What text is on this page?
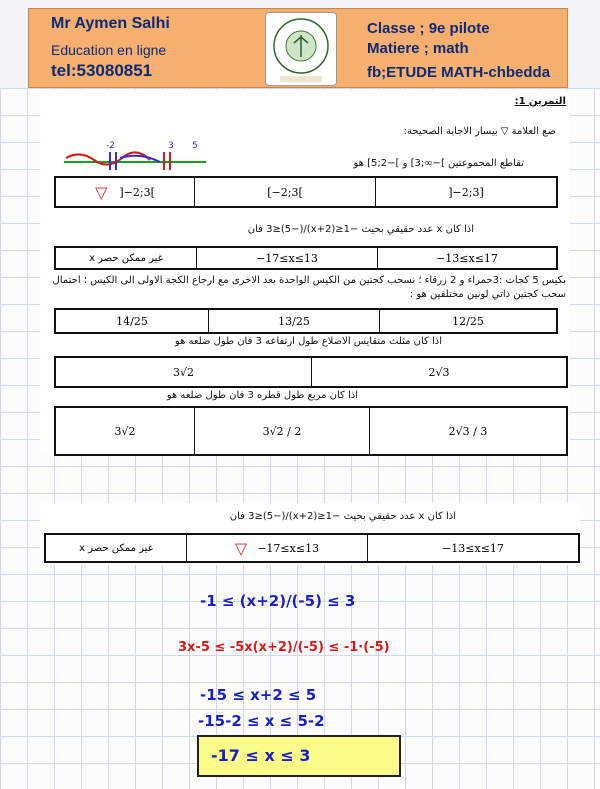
Mr Aymen Salhi
Education en ligne
tel:53080851
Classe ; 9e pilote
Matiere ; math
fb;ETUDE MATH-chbedda
التمرين 1:
ضع العلامة ▽ بيسار الاجابة الصحيحة:
-2	3 5
تقاطع المجموعتين ]−∞;3] و ]−2;5] هو
▽ ]−2;3[	[−2;3[	]−2;3]
اذا كان x عدد حقيقي بحيث −1≤(x+2)/(−5)≤3 فان
غير ممكن حصر x	−17≤x≤13	−13≤x≤17
بكيس 5 كجات :3حمراء و 2 زرقاء ؛ نسحب كجتين من الكيس الواحدة بعد الاخرى مع ارجاع الكجة الاولى الى الكيس ؛ احتمال سحب كجتين ذاتي لونين مختلفين هو :
14/25	13/25	12/25
اذا كان مثلث متقايس الاضلاع طول ارتفاعه 3 فان طول ضلعه هو
3√2	2√3
اذا كان مربع طول قطره 3 فان طول ضلعه هو
3√2	3√2 / 2	2√3 / 3
اذا كان x عدد حقيقي بحيث −1≤(x+2)/(−5)≤3 فان
غير ممكن حصر x	▽ −17≤x≤13	−13≤x≤17
-1 ≤ (x+2)/(-5) ≤ 3
3x-5 ≤ -5x(x+2)/(-5) ≤ -1·(-5)
-15 ≤ x+2 ≤ 5
-15-2 ≤ x ≤ 5-2
-17 ≤ x ≤ 3
